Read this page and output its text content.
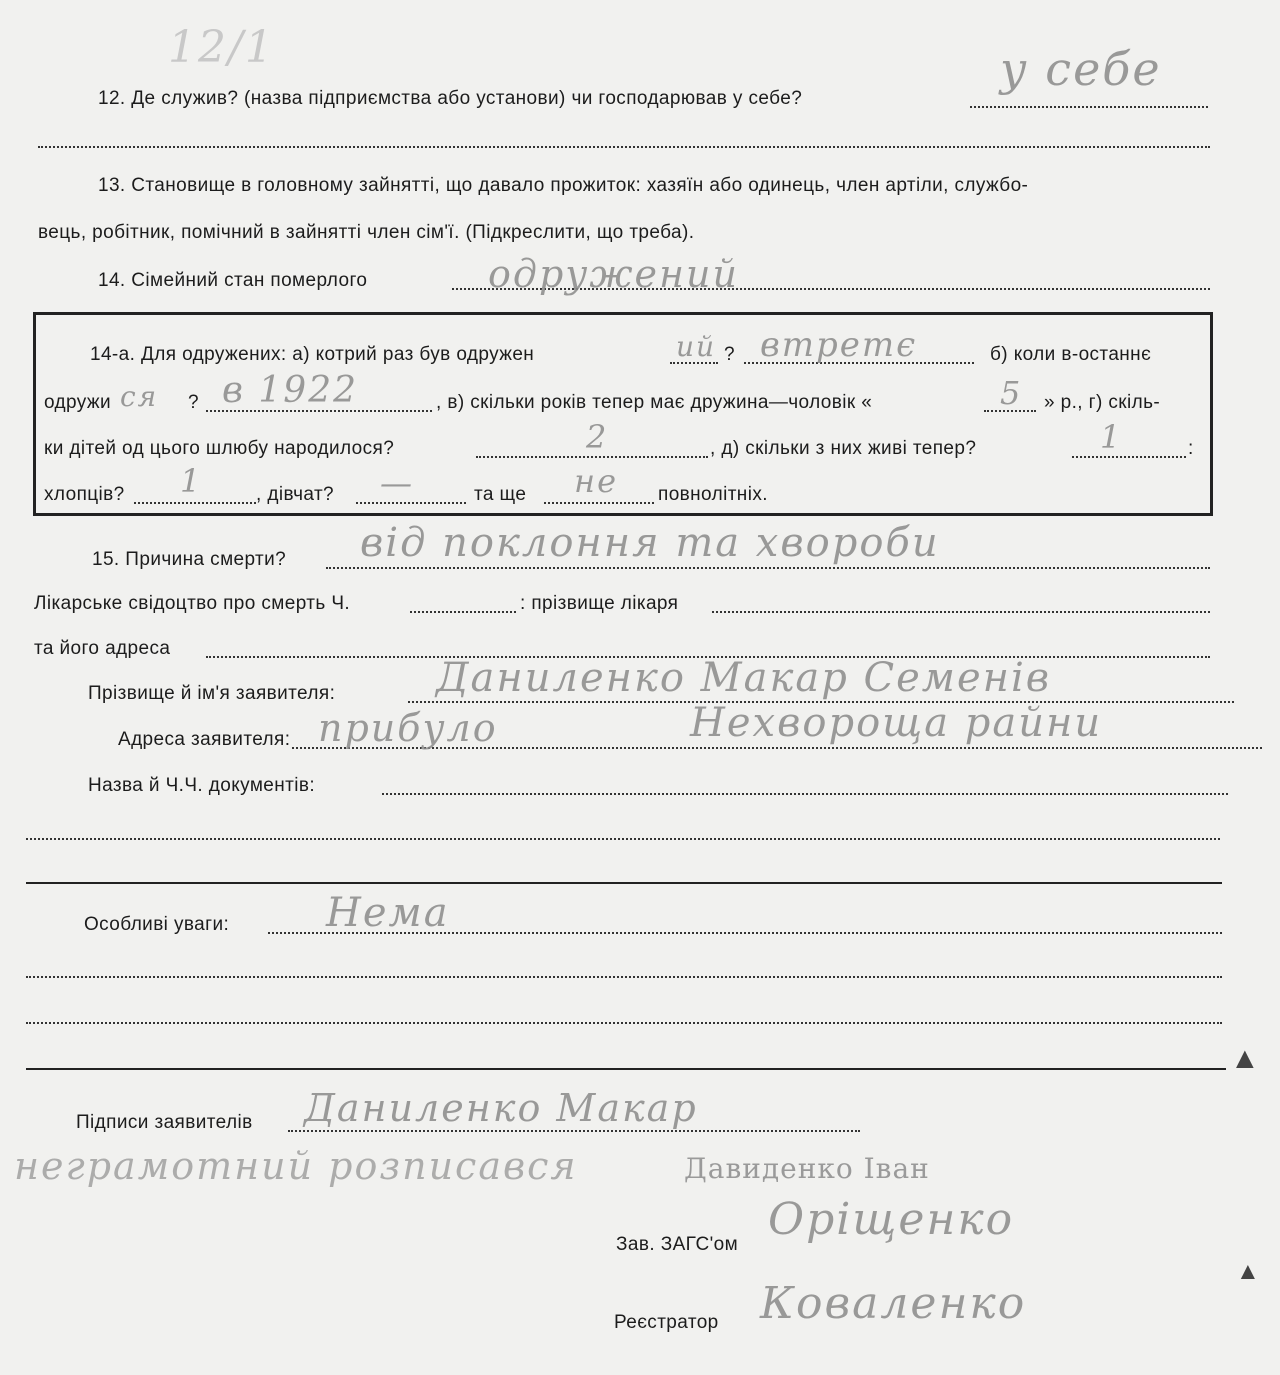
12/1
12. Де служив? (назва підприємства або установи) чи господарював у себе?
у себе
13. Становище в головному зайнятті, що давало прожиток: хазяїн або одинець, член артіли, службо-
вець, робітник, помічний в зайнятті член сім'ї. (Підкреслити, що треба).
14. Сімейний стан померлого	одружений
14-а. Для одружених: а) котрий раз був одружен	ий ? втретє	б) коли в-останнє
одружи ся ? в 1922	, в) скільки років тепер має дружина—чоловік «	5 » р., г) скіль-
ки дітей од цього шлюбу народилося?	2	, д) скільки з них живі тепер?	1	:
хлопців? 1	, дівчат? —	та ще не повнолітніх.
15. Причина смерти? від поклоння та хвороби
Лікарське свідоцтво про смерть Ч.	: прізвище лікаря
та його адреса
Прізвище й ім'я заявителя:	Даниленко Макар Семенів
Адреса заявителя: прибуло	Нехвороща райни
Назва й Ч.Ч. документів:
Особливі уваги: Нема
Підписи заявителів Даниленко Макар
неграмотний розписався	Давиденко Іван
Зав. ЗАГС'ом Оріщенко
Реєстратор Коваленко
▲
▲
